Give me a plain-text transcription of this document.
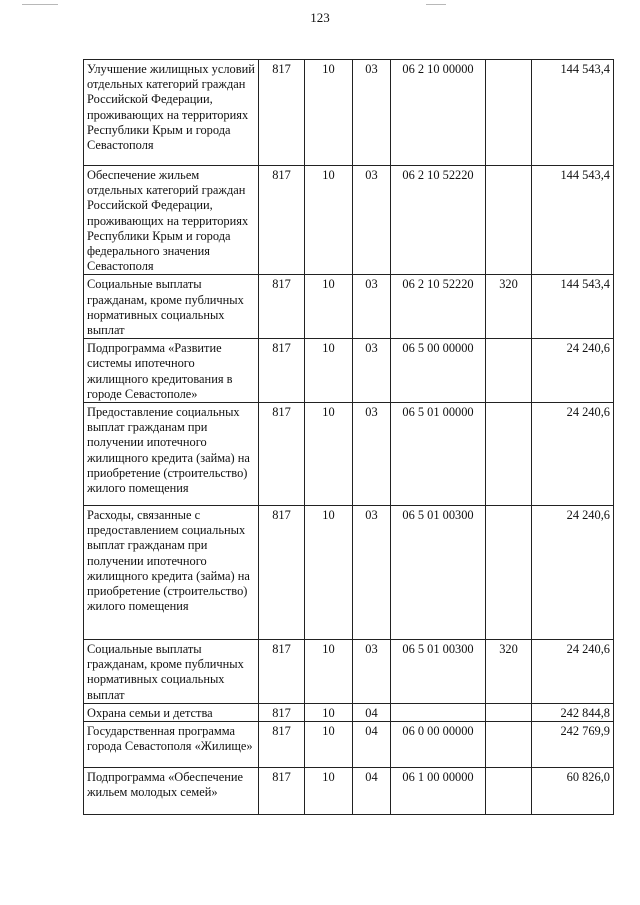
123
Улучшение жилищных условий отдельных категорий граждан Российской Федерации, проживающих на территориях Республики Крым и города Севастополя	817	10	03	06 2 10 00000		144 543,4
Обеспечение жильем отдельных категорий граждан Российской Федерации, проживающих на территориях Республики Крым и города федерального значения Севастополя	817	10	03	06 2 10 52220		144 543,4
Социальные выплаты гражданам, кроме публичных нормативных социальных выплат	817	10	03	06 2 10 52220	320	144 543,4
Подпрограмма «Развитие системы ипотечного жилищного кредитования в городе Севастополе»	817	10	03	06 5 00 00000		24 240,6
Предоставление социальных выплат гражданам при получении ипотечного жилищного кредита (займа) на приобретение (строительство) жилого помещения	817	10	03	06 5 01 00000		24 240,6
Расходы, связанные с предоставлением социальных выплат гражданам при получении ипотечного жилищного кредита (займа) на приобретение (строительство) жилого помещения	817	10	03	06 5 01 00300		24 240,6
Социальные выплаты гражданам, кроме публичных нормативных социальных выплат	817	10	03	06 5 01 00300	320	24 240,6
Охрана семьи и детства	817	10	04			242 844,8
Государственная программа города Севастополя «Жилище»	817	10	04	06 0 00 00000		242 769,9
Подпрограмма «Обеспечение жильем молодых семей»	817	10	04	06 1 00 00000		60 826,0
